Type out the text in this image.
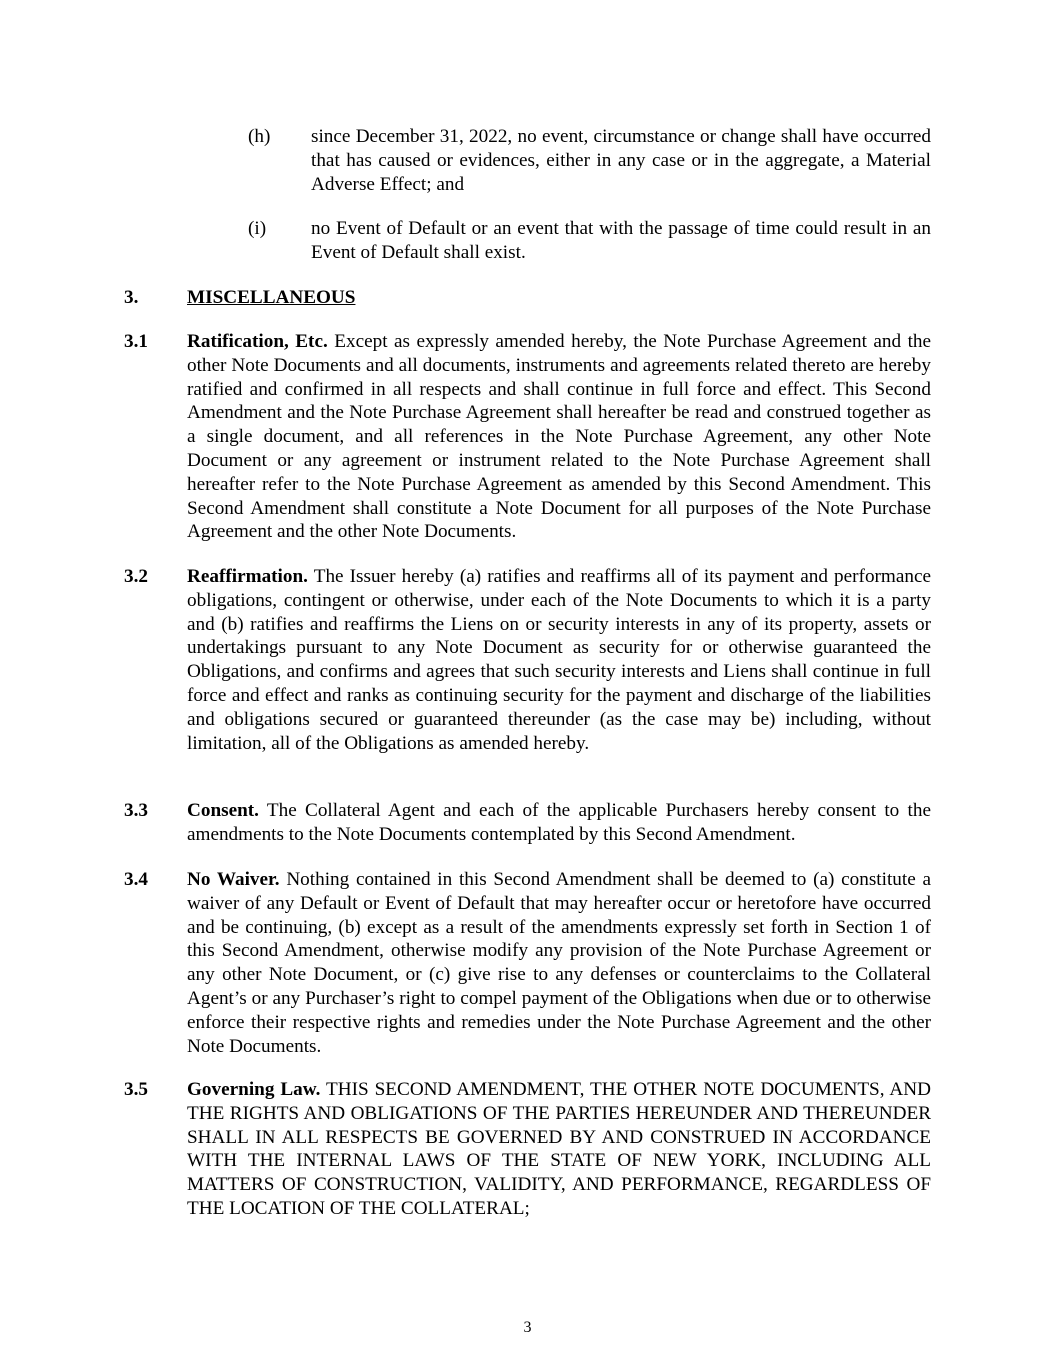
(h) since December 31, 2022, no event, circumstance or change shall have occurred that has caused or evidences, either in any case or in the aggregate, a Material Adverse Effect; and
(i) no Event of Default or an event that with the passage of time could result in an Event of Default shall exist.
3.	MISCELLANEOUS
3.1 Ratification, Etc. Except as expressly amended hereby, the Note Purchase Agreement and the other Note Documents and all documents, instruments and agreements related thereto are hereby ratified and confirmed in all respects and shall continue in full force and effect. This Second Amendment and the Note Purchase Agreement shall hereafter be read and construed together as a single document, and all references in the Note Purchase Agreement, any other Note Document or any agreement or instrument related to the Note Purchase Agreement shall hereafter refer to the Note Purchase Agreement as amended by this Second Amendment. This Second Amendment shall constitute a Note Document for all purposes of the Note Purchase Agreement and the other Note Documents.
3.2 Reaffirmation. The Issuer hereby (a) ratifies and reaffirms all of its payment and performance obligations, contingent or otherwise, under each of the Note Documents to which it is a party and (b) ratifies and reaffirms the Liens on or security interests in any of its property, assets or undertakings pursuant to any Note Document as security for or otherwise guaranteed the Obligations, and confirms and agrees that such security interests and Liens shall continue in full force and effect and ranks as continuing security for the payment and discharge of the liabilities and obligations secured or guaranteed thereunder (as the case may be) including, without limitation, all of the Obligations as amended hereby.
3.3 Consent. The Collateral Agent and each of the applicable Purchasers hereby consent to the amendments to the Note Documents contemplated by this Second Amendment.
3.4 No Waiver. Nothing contained in this Second Amendment shall be deemed to (a) constitute a waiver of any Default or Event of Default that may hereafter occur or heretofore have occurred and be continuing, (b) except as a result of the amendments expressly set forth in Section 1 of this Second Amendment, otherwise modify any provision of the Note Purchase Agreement or any other Note Document, or (c) give rise to any defenses or counterclaims to the Collateral Agent’s or any Purchaser’s right to compel payment of the Obligations when due or to otherwise enforce their respective rights and remedies under the Note Purchase Agreement and the other Note Documents.
3.5 Governing Law. THIS SECOND AMENDMENT, THE OTHER NOTE DOCUMENTS, AND THE RIGHTS AND OBLIGATIONS OF THE PARTIES HEREUNDER AND THEREUNDER SHALL IN ALL RESPECTS BE GOVERNED BY AND CONSTRUED IN ACCORDANCE WITH THE INTERNAL LAWS OF THE STATE OF NEW YORK, INCLUDING ALL MATTERS OF CONSTRUCTION, VALIDITY, AND PERFORMANCE, REGARDLESS OF THE LOCATION OF THE COLLATERAL;
3
